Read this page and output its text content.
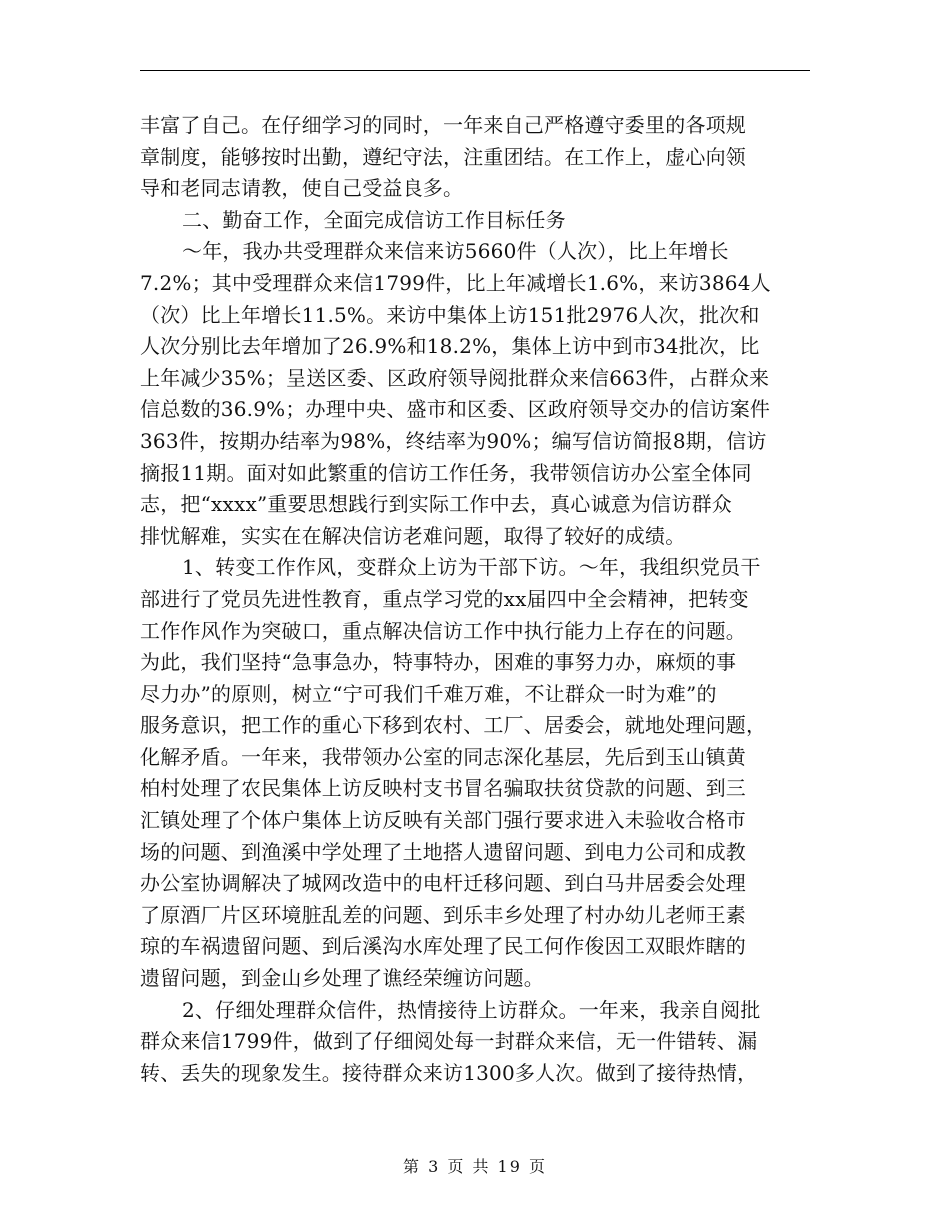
丰富了自己。在仔细学习的同时，一年来自己严格遵守委里的各项规
章制度，能够按时出勤，遵纪守法，注重团结。在工作上，虚心向领
导和老同志请教，使自己受益良多。
二、勤奋工作，全面完成信访工作目标任务
～年，我办共受理群众来信来访5660件（人次），比上年增长
7.2%；其中受理群众来信1799件，比上年减增长1.6%，来访3864人
（次）比上年增长11.5%。来访中集体上访151批2976人次，批次和
人次分别比去年增加了26.9%和18.2%，集体上访中到市34批次，比
上年减少35%；呈送区委、区政府领导阅批群众来信663件，占群众来
信总数的36.9%；办理中央、盛市和区委、区政府领导交办的信访案件
363件，按期办结率为98%，终结率为90%；编写信访简报8期，信访
摘报11期。面对如此繁重的信访工作任务，我带领信访办公室全体同
志，把“xxxx”重要思想践行到实际工作中去，真心诚意为信访群众
排忧解难，实实在在解决信访老难问题，取得了较好的成绩。
1、转变工作作风，变群众上访为干部下访。～年，我组织党员干
部进行了党员先进性教育，重点学习党的xx届四中全会精神，把转变
工作作风作为突破口，重点解决信访工作中执行能力上存在的问题。
为此，我们坚持“急事急办，特事特办，困难的事努力办，麻烦的事
尽力办”的原则，树立“宁可我们千难万难，不让群众一时为难”的
服务意识，把工作的重心下移到农村、工厂、居委会，就地处理问题，
化解矛盾。一年来，我带领办公室的同志深化基层，先后到玉山镇黄
柏村处理了农民集体上访反映村支书冒名骗取扶贫贷款的问题、到三
汇镇处理了个体户集体上访反映有关部门强行要求进入未验收合格市
场的问题、到渔溪中学处理了土地搭人遗留问题、到电力公司和成教
办公室协调解决了城网改造中的电杆迁移问题、到白马井居委会处理
了原酒厂片区环境脏乱差的问题、到乐丰乡处理了村办幼儿老师王素
琼的车祸遗留问题、到后溪沟水库处理了民工何作俊因工双眼炸瞎的
遗留问题，到金山乡处理了谯经荣缠访问题。
2、仔细处理群众信件，热情接待上访群众。一年来，我亲自阅批
群众来信1799件，做到了仔细阅处每一封群众来信，无一件错转、漏
转、丢失的现象发生。接待群众来访1300多人次。做到了接待热情，
第 3 页 共 19 页
